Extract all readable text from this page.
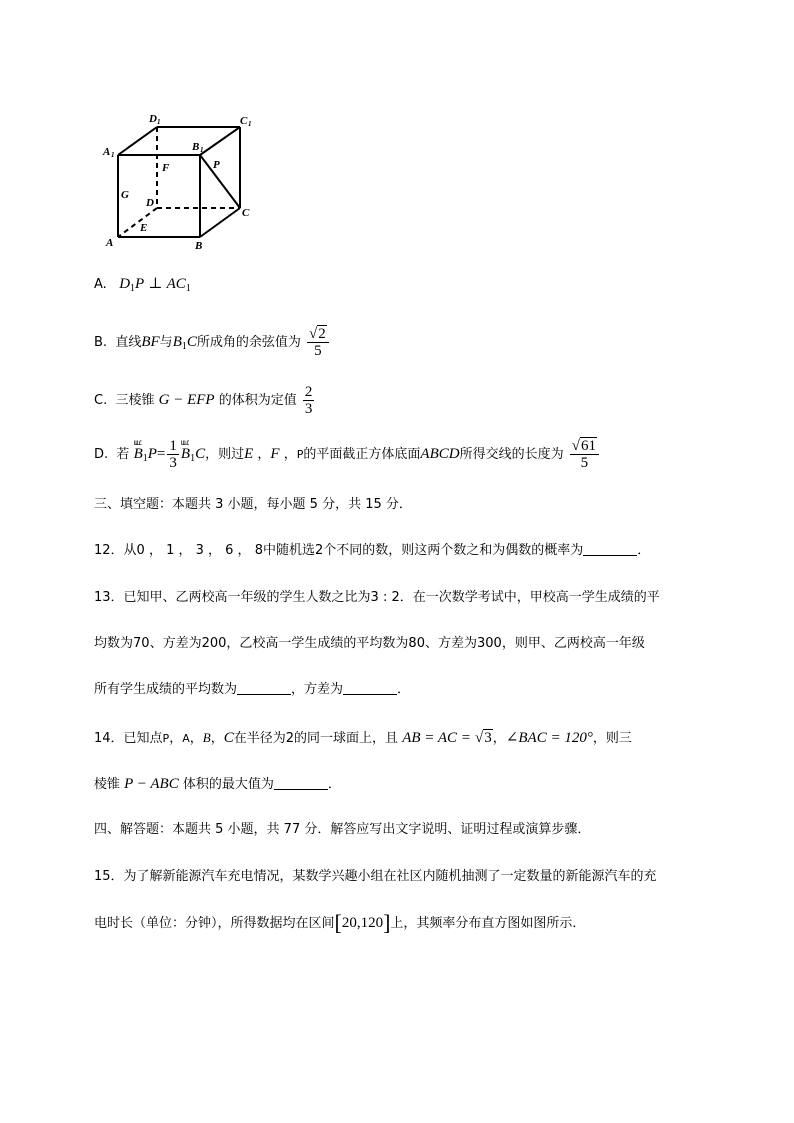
D 1	C 1
A 1
B 1
F	P
G
D
C
A
E
B
A. $D_1P$ ⊥ $AC_1$
B. 直线BF与$B_1C$所成角的余弦值为 $\frac{√2}{5}$
C. 三棱锥 G − EFP 的体积为定值 $\frac{2}{3}$
D. 若
ɯɾ
$B_1P= \frac{1}{3}$ ɯɾ
$B_1C$，则过E ，F ，P的平面截正方体底面ABCD所得交线的长度为 $\frac{√61}{5}$
三、填空题：本题共 3 小题，每小题 5 分，共 15 分．
12．从0 ， 1 ， 3 ， 6 ， 8中随机选2个不同的数，则这两个数之和为偶数的概率为	．
13．已知甲、乙两校高一年级的学生人数之比为3 : 2．在一次数学考试中，甲校高一学生成绩的平
均数为70、方差为200，乙校高一学生成绩的平均数为80、方差为300，则甲、乙两校高一年级
所有学生成绩的平均数为	，方差为	．
14．已知点P，A，B，C在半径为2的同一球面上，且 AB = AC = √3，∠BAC = 120°，则三
棱锥 P − ABC 体积的最大值为	．
四、解答题：本题共 5 小题，共 77 分．解答应写出文字说明、证明过程或演算步骤．
15．为了解新能源汽车充电情况，某数学兴趣小组在社区内随机抽测了一定数量的新能源汽车的充
电时长（单位：分钟），所得数据均在区间[20,120]上，其频率分布直方图如图所示．
